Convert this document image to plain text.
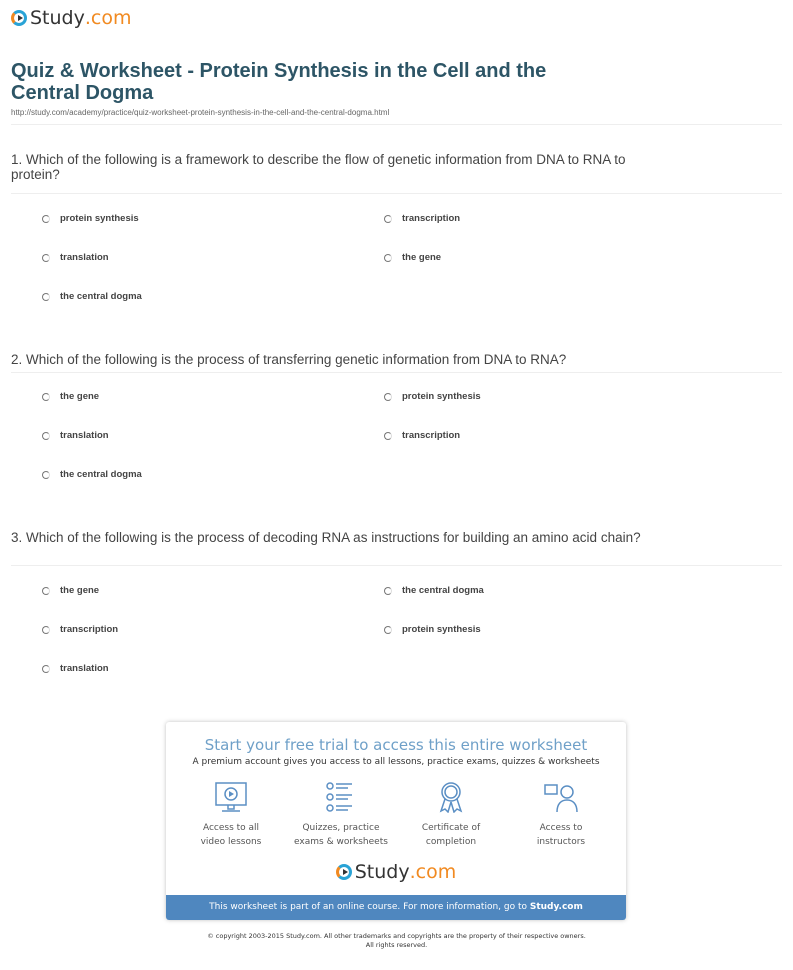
Study .com
Quiz & Worksheet - Protein Synthesis in the Cell and the Central Dogma
http://study.com/academy/practice/quiz-worksheet-protein-synthesis-in-the-cell-and-the-central-dogma.html
1. Which of the following is a framework to describe the flow of genetic information from DNA to RNA to protein?
protein synthesis	transcription
translation	the gene
the central dogma
2. Which of the following is the process of transferring genetic information from DNA to RNA?
the gene	protein synthesis
translation	transcription
the central dogma
3. Which of the following is the process of decoding RNA as instructions for building an amino acid chain?
the gene	the central dogma
transcription	protein synthesis
translation
Start your free trial to access this entire worksheet
A premium account gives you access to all lessons, practice exams, quizzes & worksheets
Access to all
video lessons
Quizzes, practice
exams & worksheets
Certificate of
completion
Access to
instructors
Study .com
This worksheet is part of an online course. For more information, go to Study.com
© copyright 2003-2015 Study.com. All other trademarks and copyrights are the property of their respective owners.
All rights reserved.
